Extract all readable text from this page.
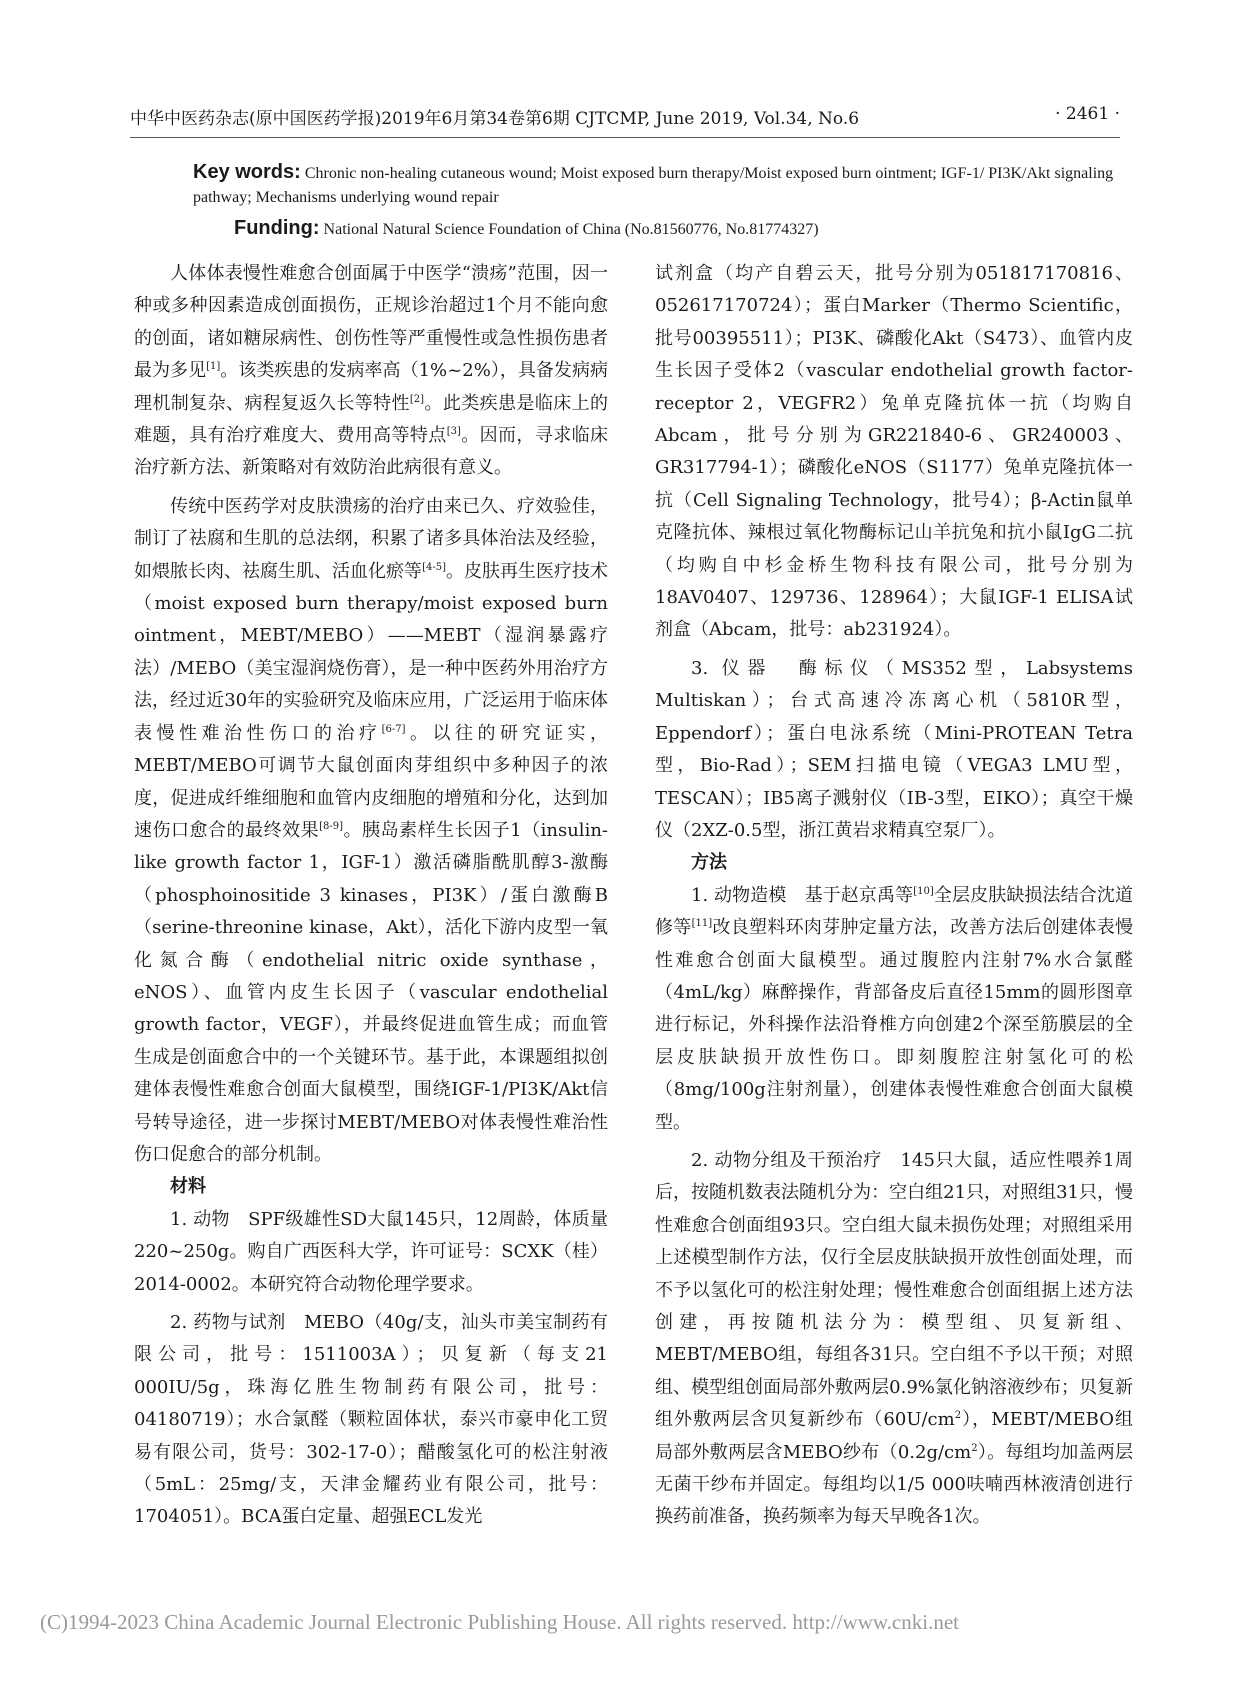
中华中医药杂志(原中国医药学报)2019年6月第34卷第6期 CJTCMP, June 2019, Vol.34, No.6	· 2461 ·
Key words: Chronic non-healing cutaneous wound; Moist exposed burn therapy/Moist exposed burn ointment; IGF-1/ PI3K/Akt signaling pathway; Mechanisms underlying wound repair
Funding: National Natural Science Foundation of China (No.81560776, No.81774327)

人体体表慢性难愈合创面属于中医学“溃疡”范围，因一种或多种因素造成创面损伤，正规诊治超过1个月不能向愈的创面，诸如糖尿病性、创伤性等严重慢性或急性损伤患者最为多见[1]。该类疾患的发病率高（1%~2%），具备发病病理机制复杂、病程复返久长等特性[2]。此类疾患是临床上的难题，具有治疗难度大、费用高等特点[3]。因而，寻求临床治疗新方法、新策略对有效防治此病很有意义。

传统中医药学对皮肤溃疡的治疗由来已久、疗效验佳，制订了祛腐和生肌的总法纲，积累了诸多具体治法及经验，如煨脓长肉、祛腐生肌、活血化瘀等[4-5]。皮肤再生医疗技术（moist exposed burn therapy/moist exposed burn ointment，MEBT/MEBO）——MEBT（湿润暴露疗法）/MEBO（美宝湿润烧伤膏），是一种中医药外用治疗方法，经过近30年的实验研究及临床应用，广泛运用于临床体表慢性难治性伤口的治疗[6-7]。以往的研究证实，MEBT/MEBO可调节大鼠创面肉芽组织中多种因子的浓度，促进成纤维细胞和血管内皮细胞的增殖和分化，达到加速伤口愈合的最终效果[8-9]。胰岛素样生长因子1（insulin-like growth factor 1，IGF-1）激活磷脂酰肌醇3-激酶（phosphoinositide 3 kinases，PI3K）/蛋白激酶B（serine-threonine kinase，Akt），活化下游内皮型一氧化氮合酶（endothelial nitric oxide synthase，eNOS）、血管内皮生长因子（vascular endothelial growth factor，VEGF），并最终促进血管生成；而血管生成是创面愈合中的一个关键环节。基于此，本课题组拟创建体表慢性难愈合创面大鼠模型，围绕IGF-1/PI3K/Akt信号转导途径，进一步探讨MEBT/MEBO对体表慢性难治性伤口促愈合的部分机制。

材料

1. 动物　SPF级雄性SD大鼠145只，12周龄，体质量220~250g。购自广西医科大学，许可证号：SCXK（桂）2014-0002。本研究符合动物伦理学要求。

2. 药物与试剂　MEBO（40g/支，汕头市美宝制药有限公司，批号：1511003A）；贝复新（每支21 000IU/5g，珠海亿胜生物制药有限公司，批号：04180719）；水合氯醛（颗粒固体状，泰兴市豪申化工贸易有限公司，货号：302-17-0）；醋酸氢化可的松注射液（5mL：25mg/支，天津金耀药业有限公司，批号：1704051）。BCA蛋白定量、超强ECL发光

试剂盒（均产自碧云天，批号分别为051817170816、052617170724）；蛋白Marker（Thermo Scientific，批号00395511）；PI3K、磷酸化Akt（S473）、血管内皮生长因子受体2（vascular endothelial growth factor-receptor 2，VEGFR2）兔单克隆抗体一抗（均购自Abcam，批号分别为GR221840-6、GR240003、GR317794-1）；磷酸化eNOS（S1177）兔单克隆抗体一抗（Cell Signaling Technology，批号4）；β-Actin鼠单克隆抗体、辣根过氧化物酶标记山羊抗兔和抗小鼠IgG二抗（均购自中杉金桥生物科技有限公司，批号分别为18AV0407、129736、128964）；大鼠IGF-1 ELISA试剂盒（Abcam，批号：ab231924）。

3. 仪器　酶标仪（MS352型，Labsystems Multiskan）；台式高速冷冻离心机（5810R型，Eppendorf）；蛋白电泳系统（Mini-PROTEAN Tetra型，Bio-Rad）；SEM扫描电镜（VEGA3 LMU型，TESCAN）；IB5离子溅射仪（IB-3型，EIKO）；真空干燥仪（2XZ-0.5型，浙江黄岩求精真空泵厂）。

方法

1. 动物造模　基于赵京禹等[10]全层皮肤缺损法结合沈道修等[11]改良塑料环肉芽肿定量方法，改善方法后创建体表慢性难愈合创面大鼠模型。通过腹腔内注射7%水合氯醛（4mL/kg）麻醉操作，背部备皮后直径15mm的圆形图章进行标记，外科操作法沿脊椎方向创建2个深至筋膜层的全层皮肤缺损开放性伤口。即刻腹腔注射氢化可的松（8mg/100g注射剂量），创建体表慢性难愈合创面大鼠模型。

2. 动物分组及干预治疗　145只大鼠，适应性喂养1周后，按随机数表法随机分为：空白组21只，对照组31只，慢性难愈合创面组93只。空白组大鼠未损伤处理；对照组采用上述模型制作方法，仅行全层皮肤缺损开放性创面处理，而不予以氢化可的松注射处理；慢性难愈合创面组据上述方法创建，再按随机法分为：模型组、贝复新组、MEBT/MEBO组，每组各31只。空白组不予以干预；对照组、模型组创面局部外敷两层0.9%氯化钠溶液纱布；贝复新组外敷两层含贝复新纱布$(60U/cm^2)$，MEBT/MEBO组局部外敷两层含MEBO纱布$(0.2g/cm^2)$。每组均加盖两层无菌干纱布并固定。每组均以1/5 000呋喃西林液清创进行换药前准备，换药频率为每天早晚各1次。

(C)1994-2023 China Academic Journal Electronic Publishing House. All rights reserved. http://www.cnki.net
